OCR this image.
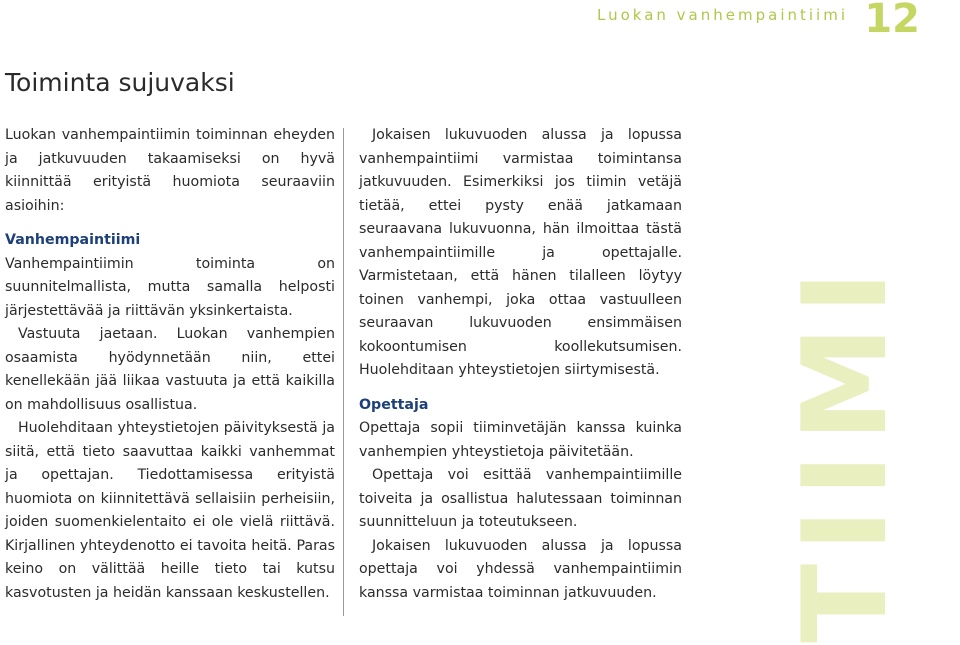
Luokan vanhempaintiimi 12
Toiminta sujuvaksi

Luokan vanhempaintiimin toiminnan eheyden ja jatkuvuuden takaamiseksi on hyvä kiinnittää erityistä huomiota seuraaviin asioihin:

Vanhempaintiimi

Vanhempaintiimin toiminta on suunnitelmallista, mutta samalla helposti järjestettävää ja riittävän yksinkertaista.

Vastuuta jaetaan. Luokan vanhempien osaamista hyödynnetään niin, ettei kenellekään jää liikaa vastuuta ja että kaikilla on mahdollisuus osallistua.

Huolehditaan yhteystietojen päivityksestä ja siitä, että tieto saavuttaa kaikki vanhemmat ja opettajan. Tiedottamisessa erityistä huomiota on kiinnitettävä sellaisiin perheisiin, joiden suomenkielentaito ei ole vielä riittävä. Kirjallinen yhteydenotto ei tavoita heitä. Paras keino on välittää heille tieto tai kutsu kasvotusten ja heidän kanssaan keskustellen.

Jokaisen lukuvuoden alussa ja lopussa vanhempaintiimi varmistaa toimintansa jatkuvuuden. Esimerkiksi jos tiimin vetäjä tietää, ettei pysty enää jatkamaan seuraavana lukuvuonna, hän ilmoittaa tästä vanhempaintiimille ja opettajalle. Varmistetaan, että hänen tilalleen löytyy toinen vanhempi, joka ottaa vastuulleen seuraavan lukuvuoden ensimmäisen kokoontumisen koollekutsumisen. Huolehditaan yhteystietojen siirtymisestä.

Opettaja

Opettaja sopii tiiminvetäjän kanssa kuinka vanhempien yhteystietoja päivitetään.

Opettaja voi esittää vanhempaintiimille toiveita ja osallistua halutessaan toiminnan suunnitteluun ja toteutukseen.

Jokaisen lukuvuoden alussa ja lopussa opettaja voi yhdessä vanhempaintiimin kanssa varmistaa toiminnan jatkuvuuden. TIIMI
